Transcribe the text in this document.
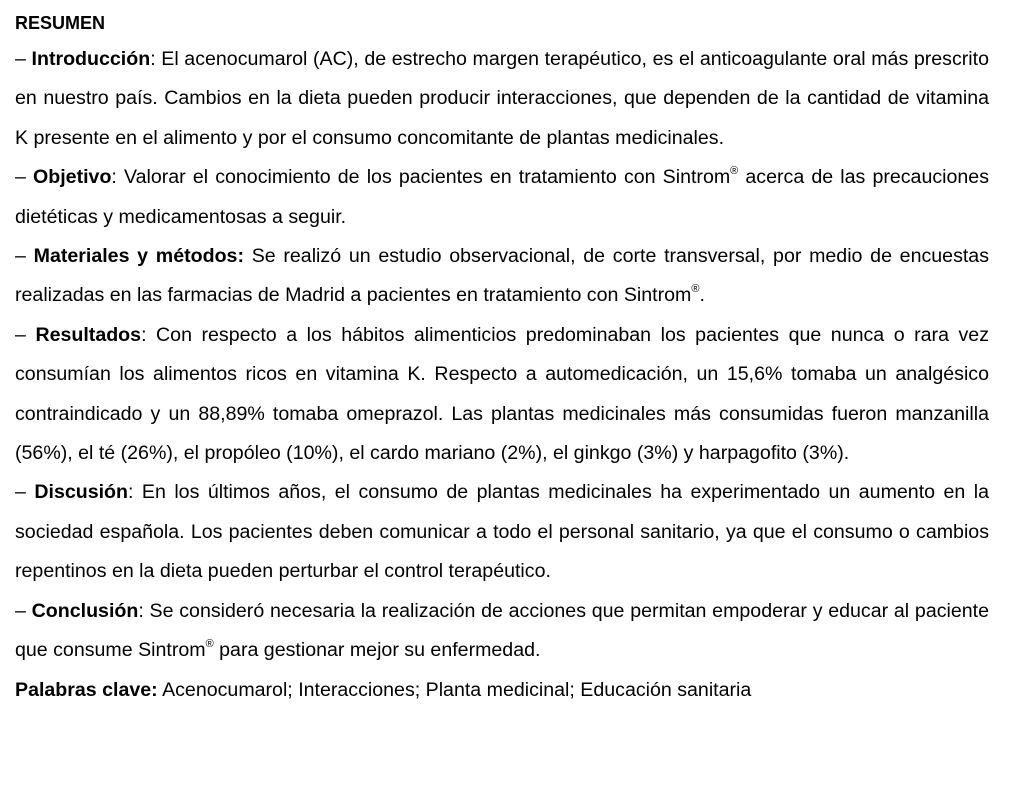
RESUMEN
– Introducción: El acenocumarol (AC), de estrecho margen terapéutico, es el anticoagulante oral más prescrito en nuestro país. Cambios en la dieta pueden producir interacciones, que dependen de la cantidad de vitamina K presente en el alimento y por el consumo concomitante de plantas medicinales.
– Objetivo: Valorar el conocimiento de los pacientes en tratamiento con Sintrom® acerca de las precauciones dietéticas y medicamentosas a seguir.
– Materiales y métodos: Se realizó un estudio observacional, de corte transversal, por medio de encuestas realizadas en las farmacias de Madrid a pacientes en tratamiento con Sintrom®.
– Resultados: Con respecto a los hábitos alimenticios predominaban los pacientes que nunca o rara vez consumían los alimentos ricos en vitamina K. Respecto a automedicación, un 15,6% tomaba un analgésico contraindicado y un 88,89% tomaba omeprazol. Las plantas medicinales más consumidas fueron manzanilla (56%), el té (26%), el propóleo (10%), el cardo mariano (2%), el ginkgo (3%) y harpagofito (3%).
– Discusión: En los últimos años, el consumo de plantas medicinales ha experimentado un aumento en la sociedad española. Los pacientes deben comunicar a todo el personal sanitario, ya que el consumo o cambios repentinos en la dieta pueden perturbar el control terapéutico.
– Conclusión: Se consideró necesaria la realización de acciones que permitan empoderar y educar al paciente que consume Sintrom® para gestionar mejor su enfermedad.
Palabras clave: Acenocumarol; Interacciones; Planta medicinal; Educación sanitaria
